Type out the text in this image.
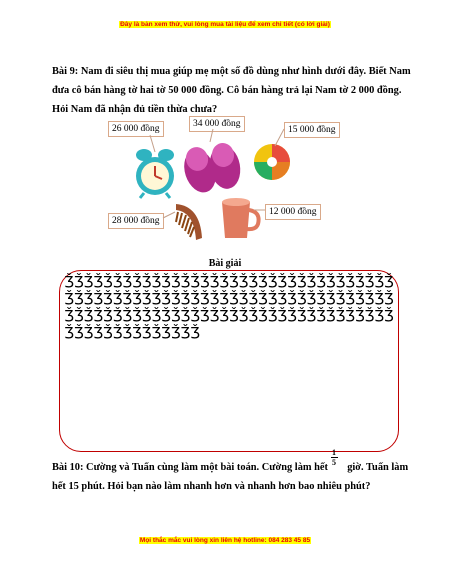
Đây là bản xem thử, vui lòng mua tài liệu để xem chi tiết (có lời giải)
Bài 9: Nam đi siêu thị mua giúp mẹ một số đồ dùng như hình dưới đây. Biết Nam đưa cô bán hàng tờ hai tờ 50 000 đồng. Cô bán hàng trả lại Nam tờ 2 000 đồng. Hỏi Nam đã nhận đủ tiền thừa chưa?
26 000 đồng	34 000 đồng
15 000 đồng
28 000 đồng
12 000 đồng
Bài giải
ǮǮǮǮǮǮǮǮǮǮǮǮǮǮǮǮǮǮǮǮǮǮǮǮǮǮǮǮǮǮǮǮǮǮǮǮǮǮǮǮǮǮǮǮǮǮǮǮǮǮǮǮǮǮǮǮǮǮǮǮǮǮǮǮǮǮǮǮǮǮǮǮǮǮǮǮǮǮǮǮǮǮǮǮǮǮǮǮǮǮǮǮǮǮǮǮǮǮǮǮǮǮǮǮǮǮǮǮǮǮǮǮǮǮǮǮ
Bài 10: Cường và Tuấn cùng làm một bài toán. Cường làm hết giờ. Tuấn làm hết 15 phút. Hỏi bạn nào làm nhanh hơn và nhanh hơn bao nhiêu phút?
1
5
Mọi thắc mắc vui lòng xin liên hệ hotline: 084 283 45 85
